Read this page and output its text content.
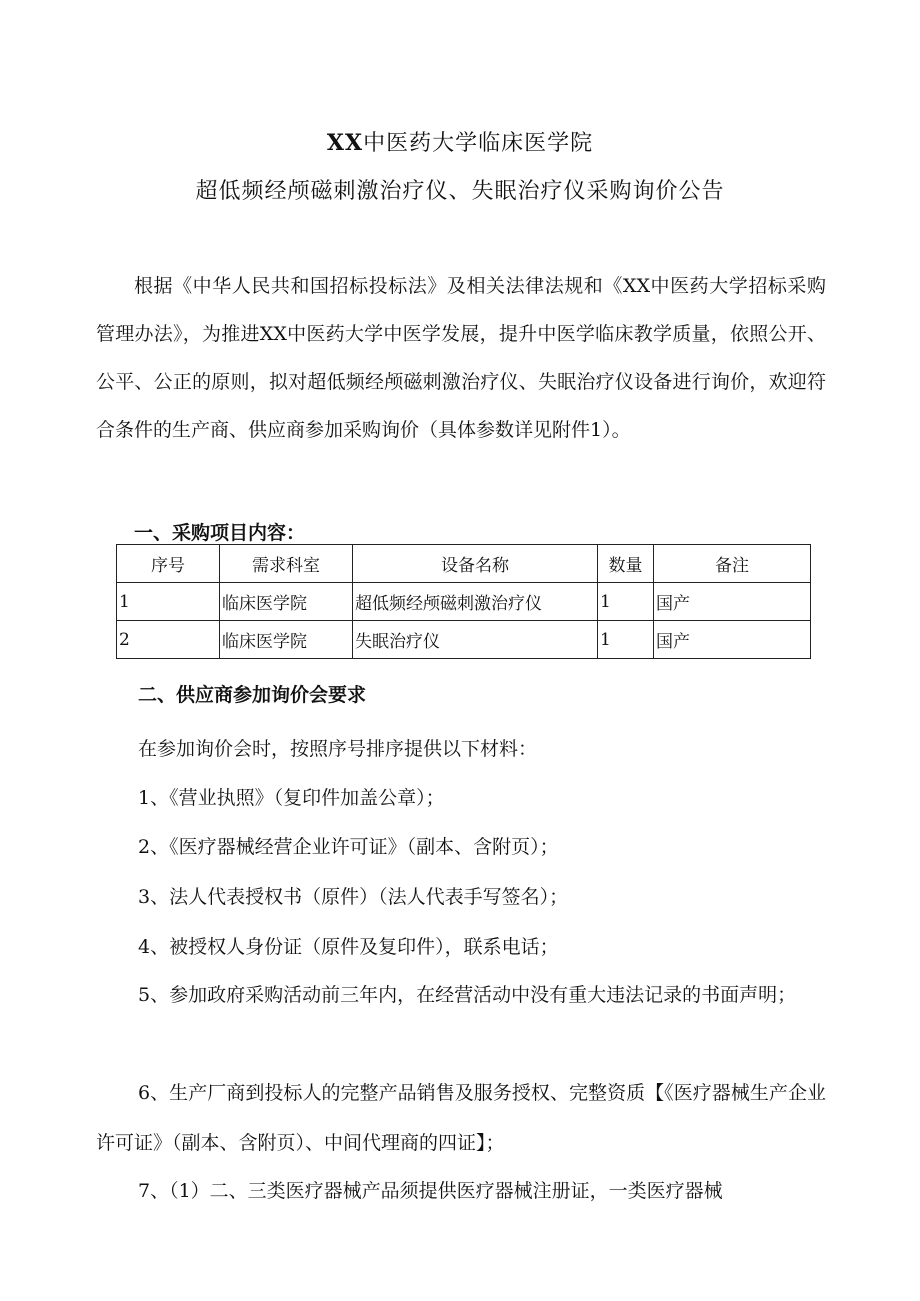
XX中医药大学临床医学院
超低频经颅磁刺激治疗仪、失眠治疗仪采购询价公告
根据《中华人民共和国招标投标法》及相关法律法规和《XX中医药大学招标采购管理办法》，为推进XX中医药大学中医学发展，提升中医学临床教学质量，依照公开、公平、公正的原则，拟对超低频经颅磁刺激治疗仪、失眠治疗仪设备进行询价，欢迎符合条件的生产商、供应商参加采购询价（具体参数详见附件1）。
一、采购项目内容：
序号	需求科室	设备名称	数量	备注
1	临床医学院	超低频经颅磁刺激治疗仪	1	国产
2	临床医学院	失眠治疗仪	1	国产
二、供应商参加询价会要求
在参加询价会时，按照序号排序提供以下材料：
1、《营业执照》（复印件加盖公章）；
2、《医疗器械经营企业许可证》（副本、含附页）；
3、法人代表授权书（原件）（法人代表手写签名）；
4、被授权人身份证（原件及复印件），联系电话；
5、参加政府采购活动前三年内，在经营活动中没有重大违法记录的书面声明；
6、生产厂商到投标人的完整产品销售及服务授权、完整资质【《医疗器械生产企业许可证》（副本、含附页）、中间代理商的四证】；
7、（1）二、三类医疗器械产品须提供医疗器械注册证，一类医疗器械
